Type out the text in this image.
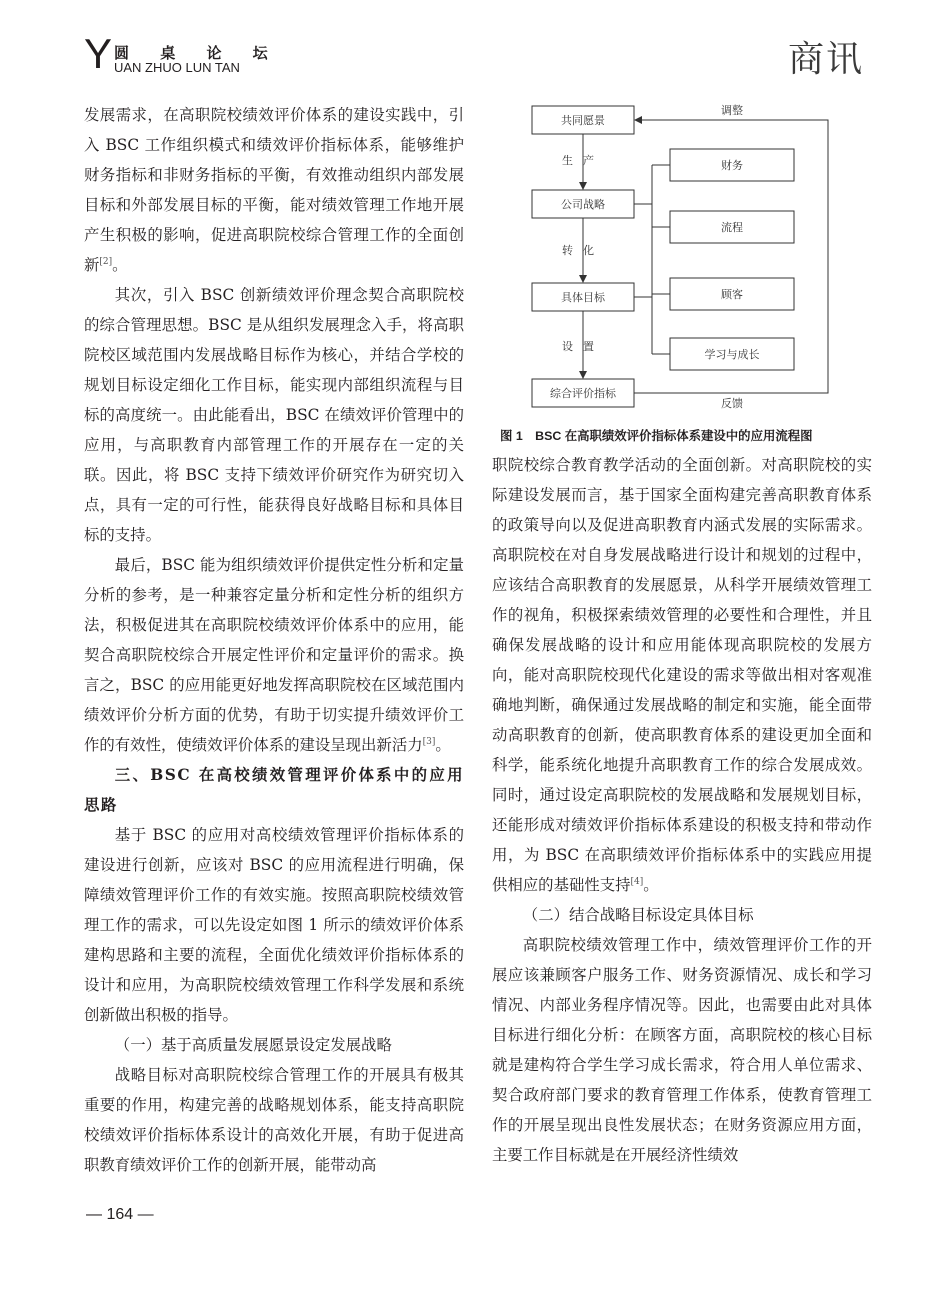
Y 圆 桌 论 坛
UAN ZHUO LUN TAN	商讯

发展需求，在高职院校绩效评价体系的建设实践中，引入 BSC 工作组织模式和绩效评价指标体系，能够维护财务指标和非财务指标的平衡，有效推动组织内部发展目标和外部发展目标的平衡，能对绩效管理工作地开展产生积极的影响，促进高职院校综合管理工作的全面创新[2]。

其次，引入 BSC 创新绩效评价理念契合高职院校的综合管理思想。BSC 是从组织发展理念入手，将高职院校区域范围内发展战略目标作为核心，并结合学校的规划目标设定细化工作目标，能实现内部组织流程与目标的高度统一。由此能看出，BSC 在绩效评价管理中的应用，与高职教育内部管理工作的开展存在一定的关联。因此，将 BSC 支持下绩效评价研究作为研究切入点，具有一定的可行性，能获得良好战略目标和具体目标的支持。

最后，BSC 能为组织绩效评价提供定性分析和定量分析的参考，是一种兼容定量分析和定性分析的组织方法，积极促进其在高职院校绩效评价体系中的应用，能契合高职院校综合开展定性评价和定量评价的需求。换言之，BSC 的应用能更好地发挥高职院校在区域范围内绩效评价分析方面的优势，有助于切实提升绩效评价工作的有效性，使绩效评价体系的建设呈现出新活力[3]。

三、BSC 在高校绩效管理评价体系中的应用思路

基于 BSC 的应用对高校绩效管理评价指标体系的建设进行创新，应该对 BSC 的应用流程进行明确，保障绩效管理评价工作的有效实施。按照高职院校绩效管理工作的需求，可以先设定如图 1 所示的绩效评价体系建构思路和主要的流程，全面优化绩效评价指标体系的设计和应用，为高职院校绩效管理工作科学发展和系统创新做出积极的指导。

（一）基于高质量发展愿景设定发展战略

战略目标对高职院校综合管理工作的开展具有极其重要的作用，构建完善的战略规划体系，能支持高职院校绩效评价指标体系设计的高效化开展，有助于促进高职教育绩效评价工作的创新开展，能带动高

共同愿景
公司战略
具体目标
综合评价指标
财务
流程
顾客
学习与成长
调整
反馈
生产
转化
设置
图 1　BSC 在高职绩效评价指标体系建设中的应用流程图

职院校综合教育教学活动的全面创新。对高职院校的实际建设发展而言，基于国家全面构建完善高职教育体系的政策导向以及促进高职教育内涵式发展的实际需求。高职院校在对自身发展战略进行设计和规划的过程中，应该结合高职教育的发展愿景，从科学开展绩效管理工作的视角，积极探索绩效管理的必要性和合理性，并且确保发展战略的设计和应用能体现高职院校的发展方向，能对高职院校现代化建设的需求等做出相对客观准确地判断，确保通过发展战略的制定和实施，能全面带动高职教育的创新，使高职教育体系的建设更加全面和科学，能系统化地提升高职教育工作的综合发展成效。同时，通过设定高职院校的发展战略和发展规划目标，还能形成对绩效评价指标体系建设的积极支持和带动作用，为 BSC 在高职绩效评价指标体系中的实践应用提供相应的基础性支持[4]。

（二）结合战略目标设定具体目标

高职院校绩效管理工作中，绩效管理评价工作的开展应该兼顾客户服务工作、财务资源情况、成长和学习情况、内部业务程序情况等。因此，也需要由此对具体目标进行细化分析：在顾客方面，高职院校的核心目标就是建构符合学生学习成长需求，符合用人单位需求、契合政府部门要求的教育管理工作体系，使教育管理工作的开展呈现出良性发展状态；在财务资源应用方面，主要工作目标就是在开展经济性绩效

— 164 —
